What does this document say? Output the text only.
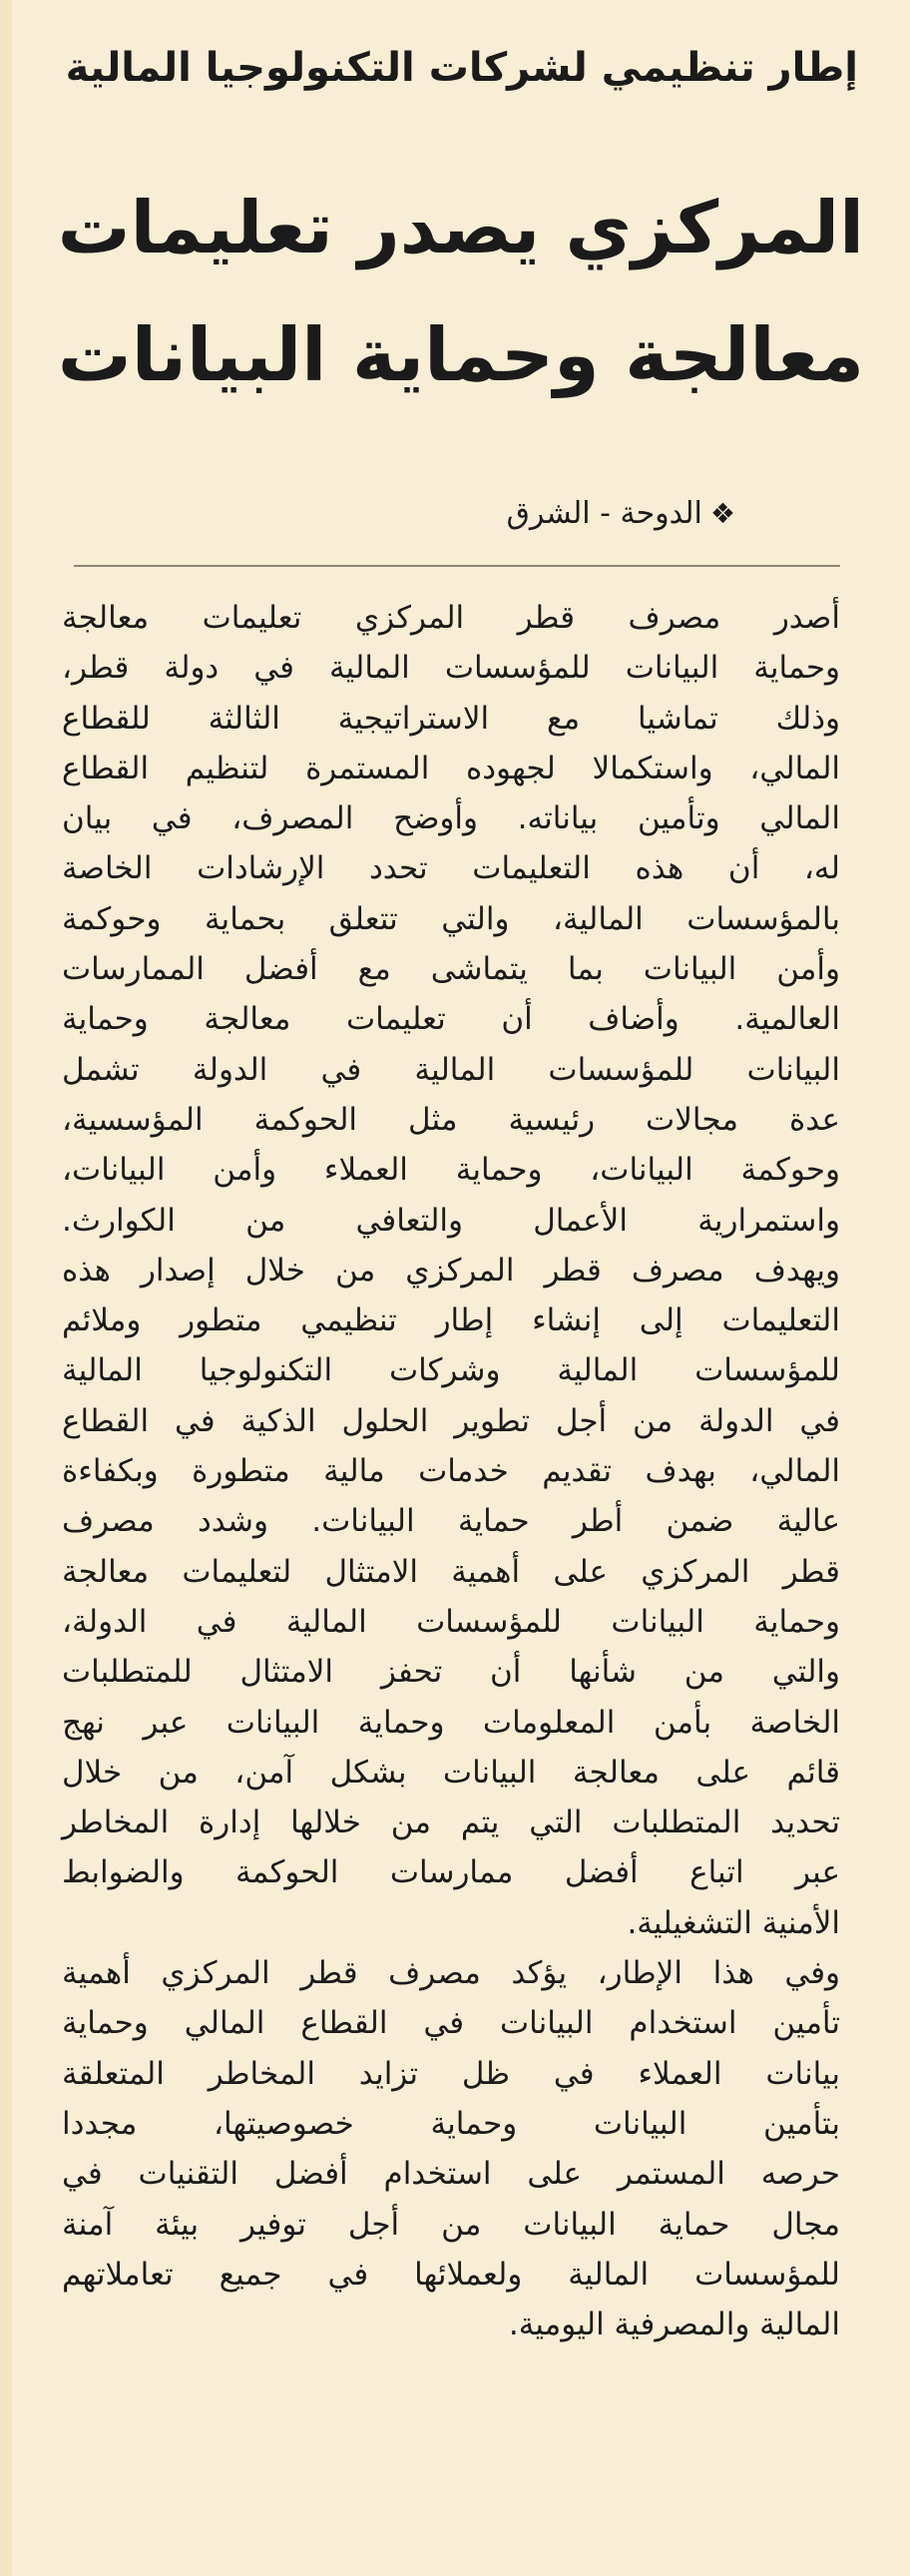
إطار تنظيمي لشركات التكنولوجيا المالية
المركزي يصدر تعليمات
معالجة وحماية البيانات
❖الدوحة - الشرق
أصدر مصرف قطر المركزي تعليمات معالجة
وحماية البيانات للمؤسسات المالية في دولة قطر،
وذلك تماشيا مع الاستراتيجية الثالثة للقطاع
المالي، واستكمالا لجهوده المستمرة لتنظيم القطاع
المالي وتأمين بياناته. وأوضح المصرف، في بيان
له، أن هذه التعليمات تحدد الإرشادات الخاصة
بالمؤسسات المالية، والتي تتعلق بحماية وحوكمة
وأمن البيانات بما يتماشى مع أفضل الممارسات
العالمية. وأضاف أن تعليمات معالجة وحماية
البيانات للمؤسسات المالية في الدولة تشمل
عدة مجالات رئيسية مثل الحوكمة المؤسسية،
وحوكمة البيانات، وحماية العملاء وأمن البيانات،
واستمرارية الأعمال والتعافي من الكوارث.
ويهدف مصرف قطر المركزي من خلال إصدار هذه
التعليمات إلى إنشاء إطار تنظيمي متطور وملائم
للمؤسسات المالية وشركات التكنولوجيا المالية
في الدولة من أجل تطوير الحلول الذكية في القطاع
المالي، بهدف تقديم خدمات مالية متطورة وبكفاءة
عالية ضمن أطر حماية البيانات. وشدد مصرف
قطر المركزي على أهمية الامتثال لتعليمات معالجة
وحماية البيانات للمؤسسات المالية في الدولة،
والتي من شأنها أن تحفز الامتثال للمتطلبات
الخاصة بأمن المعلومات وحماية البيانات عبر نهج
قائم على معالجة البيانات بشكل آمن، من خلال
تحديد المتطلبات التي يتم من خلالها إدارة المخاطر
عبر اتباع أفضل ممارسات الحوكمة والضوابط
الأمنية التشغيلية.
وفي هذا الإطار، يؤكد مصرف قطر المركزي أهمية
تأمين استخدام البيانات في القطاع المالي وحماية
بيانات العملاء في ظل تزايد المخاطر المتعلقة
بتأمين البيانات وحماية خصوصيتها، مجددا
حرصه المستمر على استخدام أفضل التقنيات في
مجال حماية البيانات من أجل توفير بيئة آمنة
للمؤسسات المالية ولعملائها في جميع تعاملاتهم
المالية والمصرفية اليومية.
